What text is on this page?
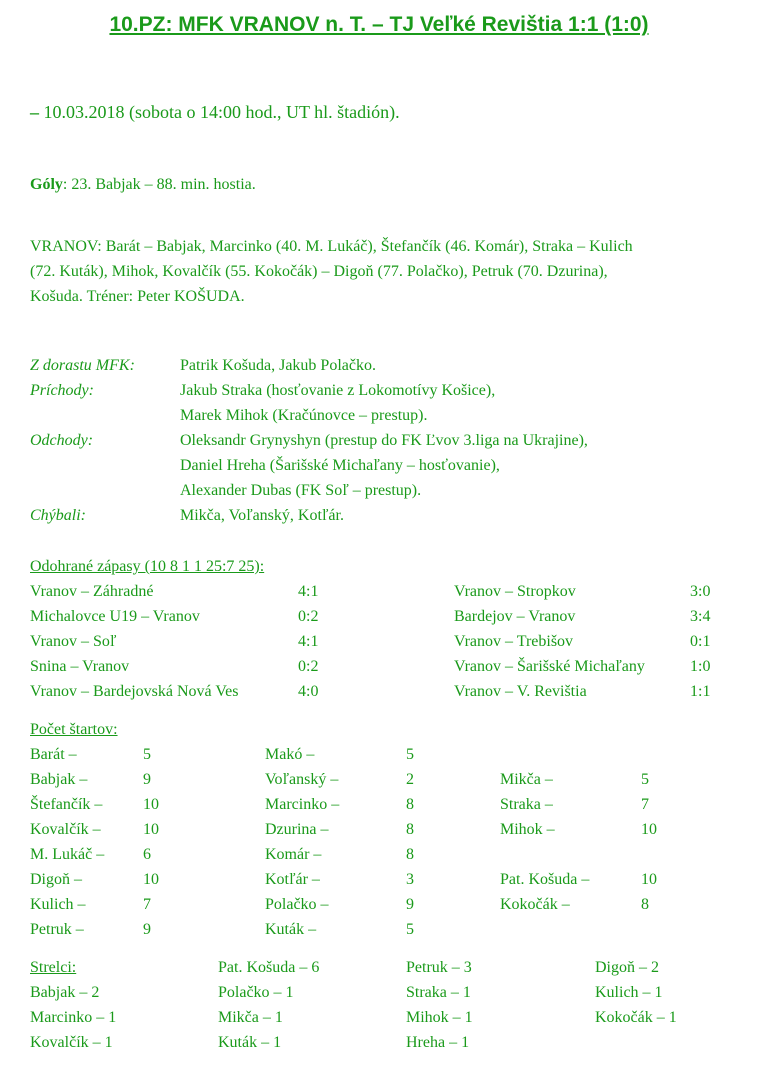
10.PZ: MFK VRANOV n. T. – TJ Veľké Revištia 1:1 (1:0)
– 10.03.2018 (sobota o 14:00 hod., UT hl. štadión).
Góly: 23. Babjak – 88. min. hostia.
VRANOV: Barát – Babjak, Marcinko (40. M. Lukáč), Štefančík (46. Komár), Straka – Kulich
(72. Kuták), Mihok, Kovalčík (55. Kokočák) – Digoň (77. Polačko), Petruk (70. Dzurina),
Košuda. Tréner: Peter KOŠUDA.
Z dorastu MFK:	Patrik Košuda, Jakub Polačko.
Príchody:	Jakub Straka (hosťovanie z Lokomotívy Košice),
Marek Mihok (Kračúnovce – prestup).
Odchody:	Oleksandr Grynyshyn (prestup do FK Ľvov 3.liga na Ukrajine),
Daniel Hreha (Šarišské Michaľany – hosťovanie),
Alexander Dubas (FK Soľ – prestup).
Chýbali:	Mikča, Voľanský, Kotľár.
Odohrané zápasy (10 8 1 1 25:7 25):
Vranov – Záhradné	4:1
Michalovce U19 – Vranov	0:2
Vranov – Soľ	4:1
Snina – Vranov	0:2
Vranov – Bardejovská Nová Ves	4:0
Vranov – Stropkov	3:0
Bardejov – Vranov	3:4
Vranov – Trebišov	0:1
Vranov – Šarišské Michaľany	1:0
Vranov – V. Revištia	1:1
Počet štartov:
Barát –	5
Babjak –	9
Štefančík –	10
Kovalčík –	10
M. Lukáč – 6
Digoň –	10
Kulich –	7
Petruk –	9
Makó –	5
Voľanský –	2
Marcinko –	8
Dzurina –	8
Komár –	8
Kotľár –	3
Polačko –	9
Kuták –	5
Mikča –	5
Straka –	7
Mihok –	10
Pat. Košuda –	10
Kokočák –	8
Strelci:
Babjak – 2
Marcinko – 1
Kovalčík – 1
Pat. Košuda – 6
Polačko – 1
Mikča – 1
Kuták – 1
Petruk – 3
Straka – 1
Mihok – 1
Hreha – 1
Digoň – 2
Kulich – 1
Kokočák – 1
